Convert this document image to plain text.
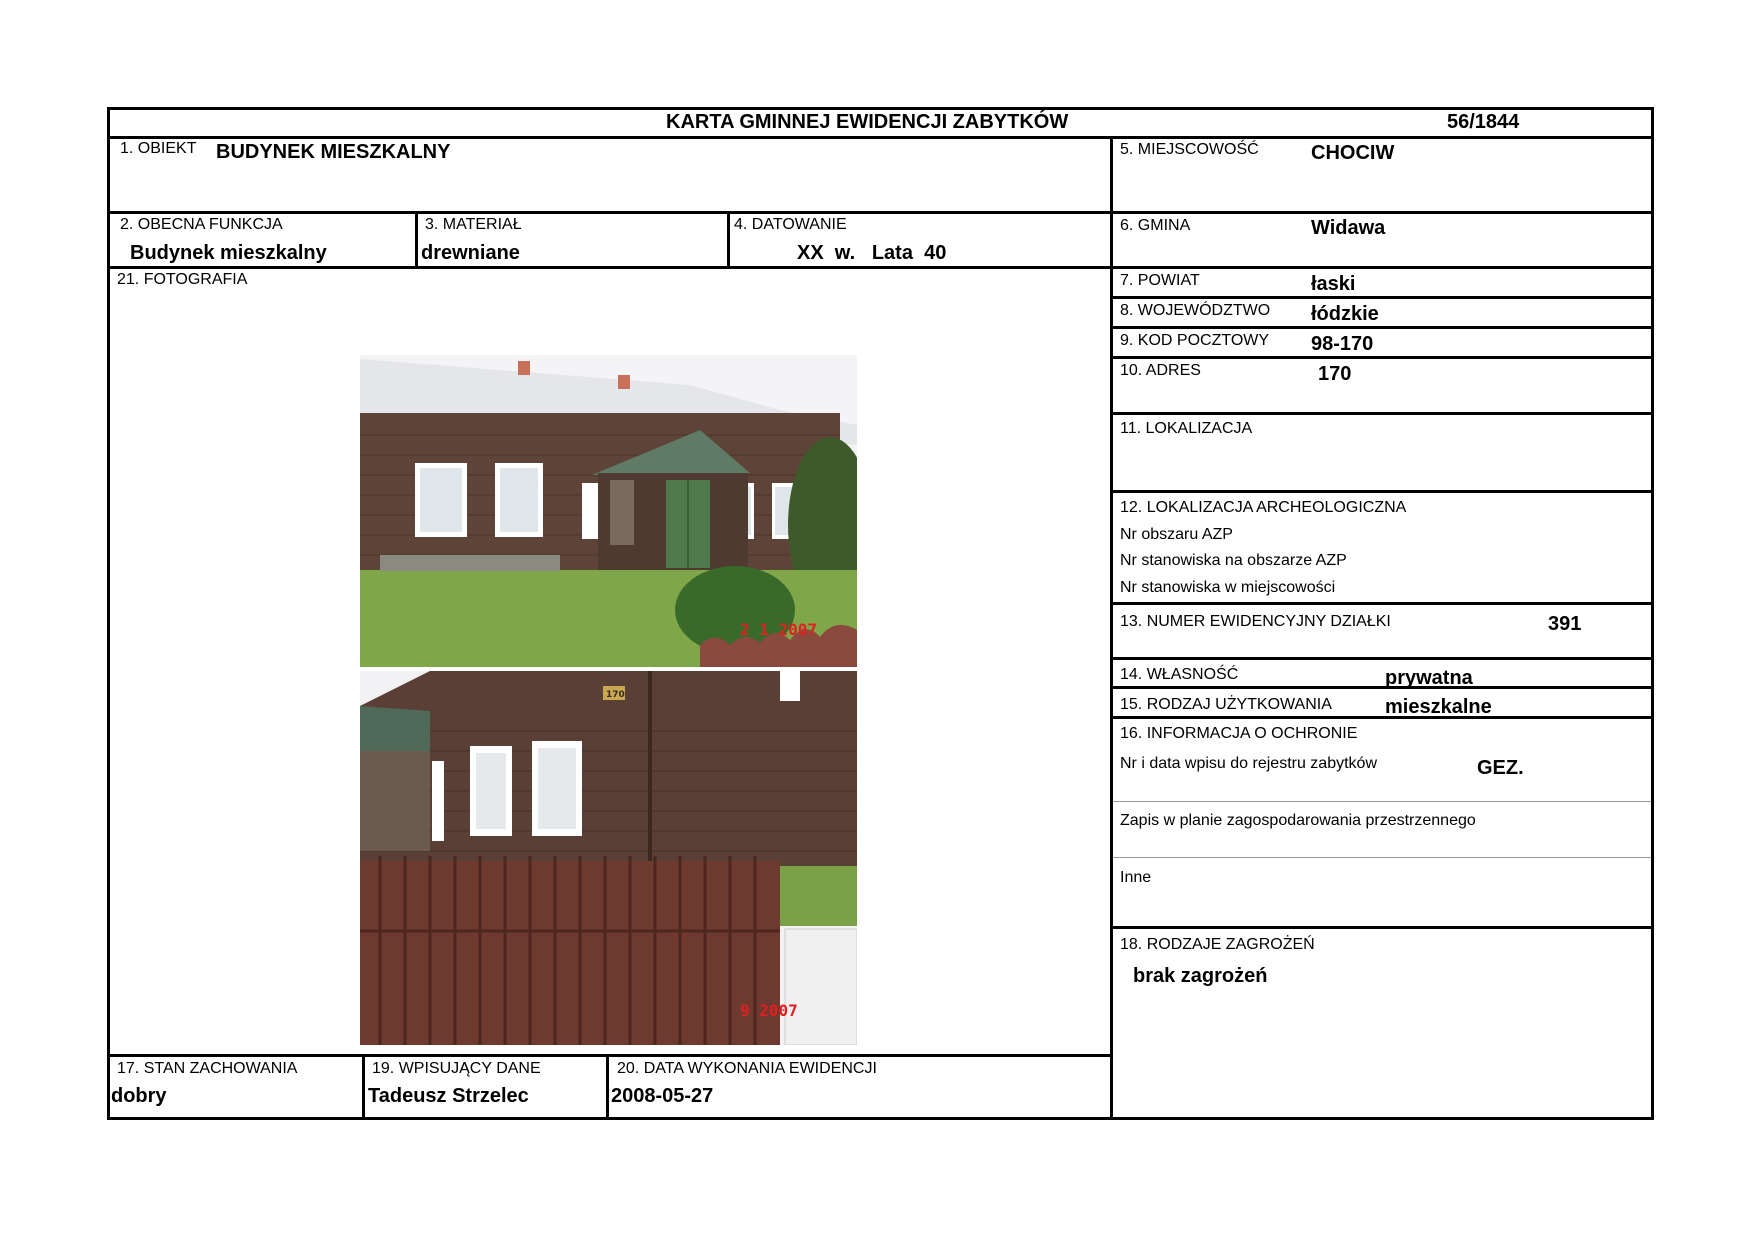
KARTA GMINNEJ EWIDENCJI ZABYTKÓW	56/1844
1. OBIEKT BUDYNEK MIESZKALNY
2. OBECNA FUNKCJA
Budynek mieszkalny
3. MATERIAŁ
drewniane
4. DATOWANIE
XX  w.   Lata  40
21. FOTOGRAFIA
2 1 2007
170
9 2007
17. STAN ZACHOWANIA
dobry
19. WPISUJĄCY DANE
Tadeusz Strzelec
20. DATA WYKONANIA EWIDENCJI
2008-05-27
5. MIEJSCOWOŚĆ	CHOCIW
6. GMINA	Widawa
7. POWIAT	łaski
8. WOJEWÓDZTWO łódzkie
9. KOD POCZTOWY 98-170
10. ADRES	170
11. LOKALIZACJA
12. LOKALIZACJA ARCHEOLOGICZNA
Nr obszaru AZP
Nr stanowiska na obszarze AZP
Nr stanowiska w miejscowości
13. NUMER EWIDENCYJNY DZIAŁKI	391
14. WŁASNOŚĆ	prywatna
15. RODZAJ UŻYTKOWANIA	mieszkalne
16. INFORMACJA O OCHRONIE
Nr i data wpisu do rejestru zabytków	GEZ.
Zapis w planie zagospodarowania przestrzennego
Inne
18. RODZAJE ZAGROŻEŃ
brak zagrożeń
